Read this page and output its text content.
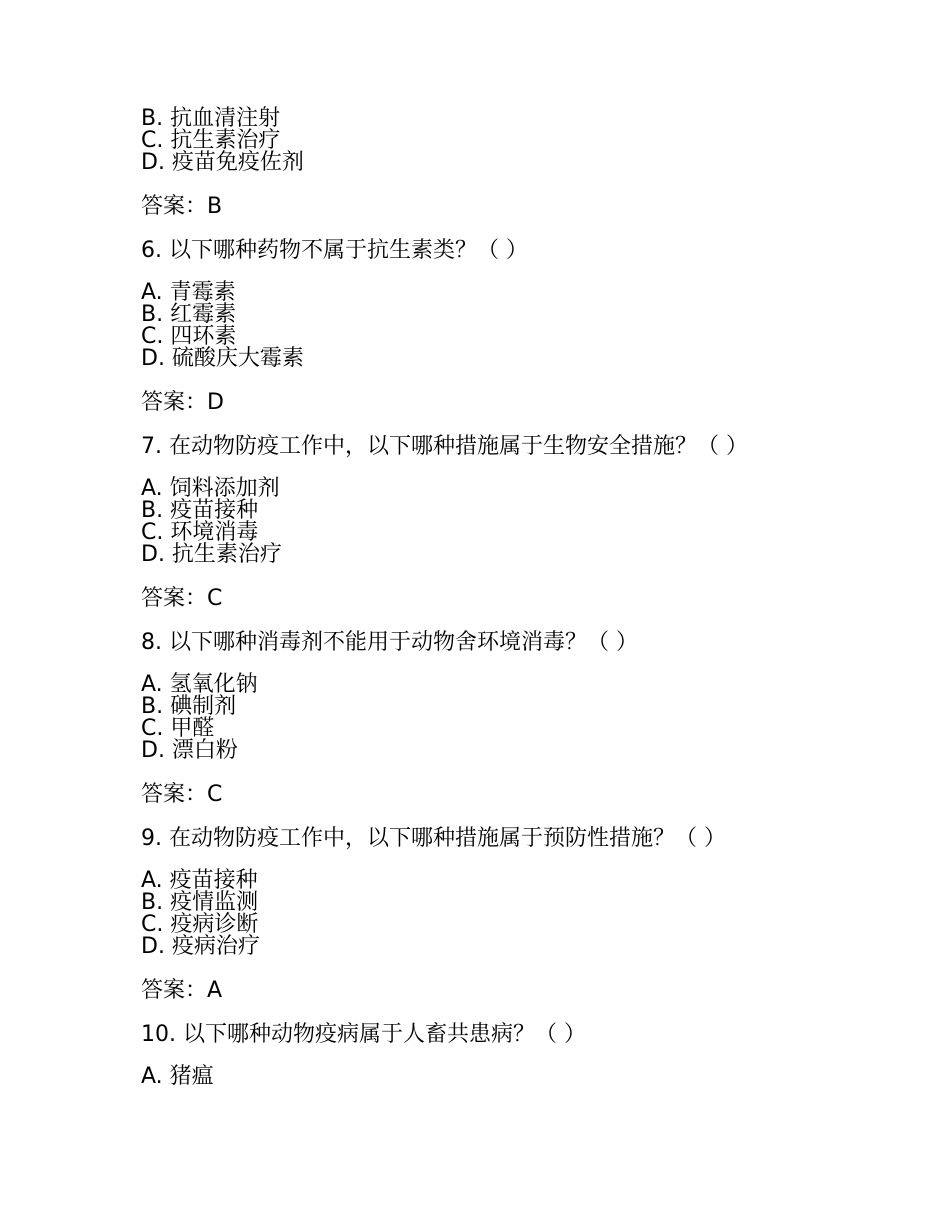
B. 抗血清注射
C. 抗生素治疗
D. 疫苗免疫佐剂
答案：B
6. 以下哪种药物不属于抗生素类？（ ）
A. 青霉素
B. 红霉素
C. 四环素
D. 硫酸庆大霉素
答案：D
7. 在动物防疫工作中，以下哪种措施属于生物安全措施？（ ）
A. 饲料添加剂
B. 疫苗接种
C. 环境消毒
D. 抗生素治疗
答案：C
8. 以下哪种消毒剂不能用于动物舍环境消毒？（ ）
A. 氢氧化钠
B. 碘制剂
C. 甲醛
D. 漂白粉
答案：C
9. 在动物防疫工作中，以下哪种措施属于预防性措施？（ ）
A. 疫苗接种
B. 疫情监测
C. 疫病诊断
D. 疫病治疗
答案：A
10. 以下哪种动物疫病属于人畜共患病？（ ）
A. 猪瘟
